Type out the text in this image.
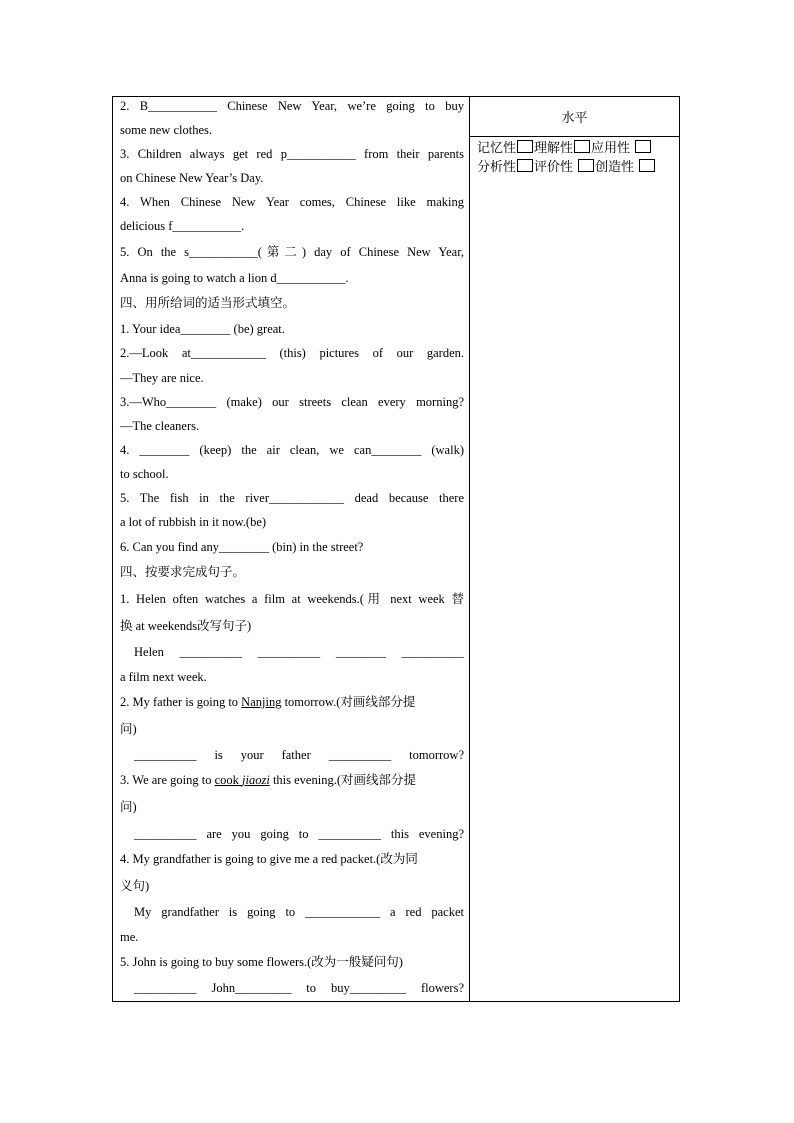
水平
记忆性 理解性 应用性
分析性 评价性 创造性
2. B___________ Chinese New Year, we’re going to buy
some new clothes.
3. Children always get red p___________ from their parents
on Chinese New Year’s Day.
4. When Chinese New Year comes, Chinese like making
delicious f___________.
5. On the s___________(第二) day of Chinese New Year,
Anna is going to watch a lion d___________.
四、用所给词的适当形式填空。
1. Your idea________ (be) great.
2.—Look at____________ (this) pictures of our garden.
—They are nice.
3.—Who________ (make) our streets clean every morning?
—The cleaners.
4. ________ (keep) the air clean, we can________ (walk)
to school.
5. The fish in the river____________ dead because there
a lot of rubbish in it now.(be)
6. Can you find any________ (bin) in the street?
四、按要求完成句子。
1. Helen often watches a film at weekends.(用 next week 替
换 at weekends改写句子)
Helen __________ __________ ________ __________
a film next week.
2. My father is going to Nanjing tomorrow.(对画线部分提
问)
__________ is your father __________ tomorrow?
3. We are going to cook jiaozi this evening.(对画线部分提
问)
__________ are you going to __________ this evening?
4. My grandfather is going to give me a red packet.(改为同
义句)
My grandfather is going to ____________ a red packet
me.
5. John is going to buy some flowers.(改为一般疑问句)
__________ John_________ to buy_________ flowers?
